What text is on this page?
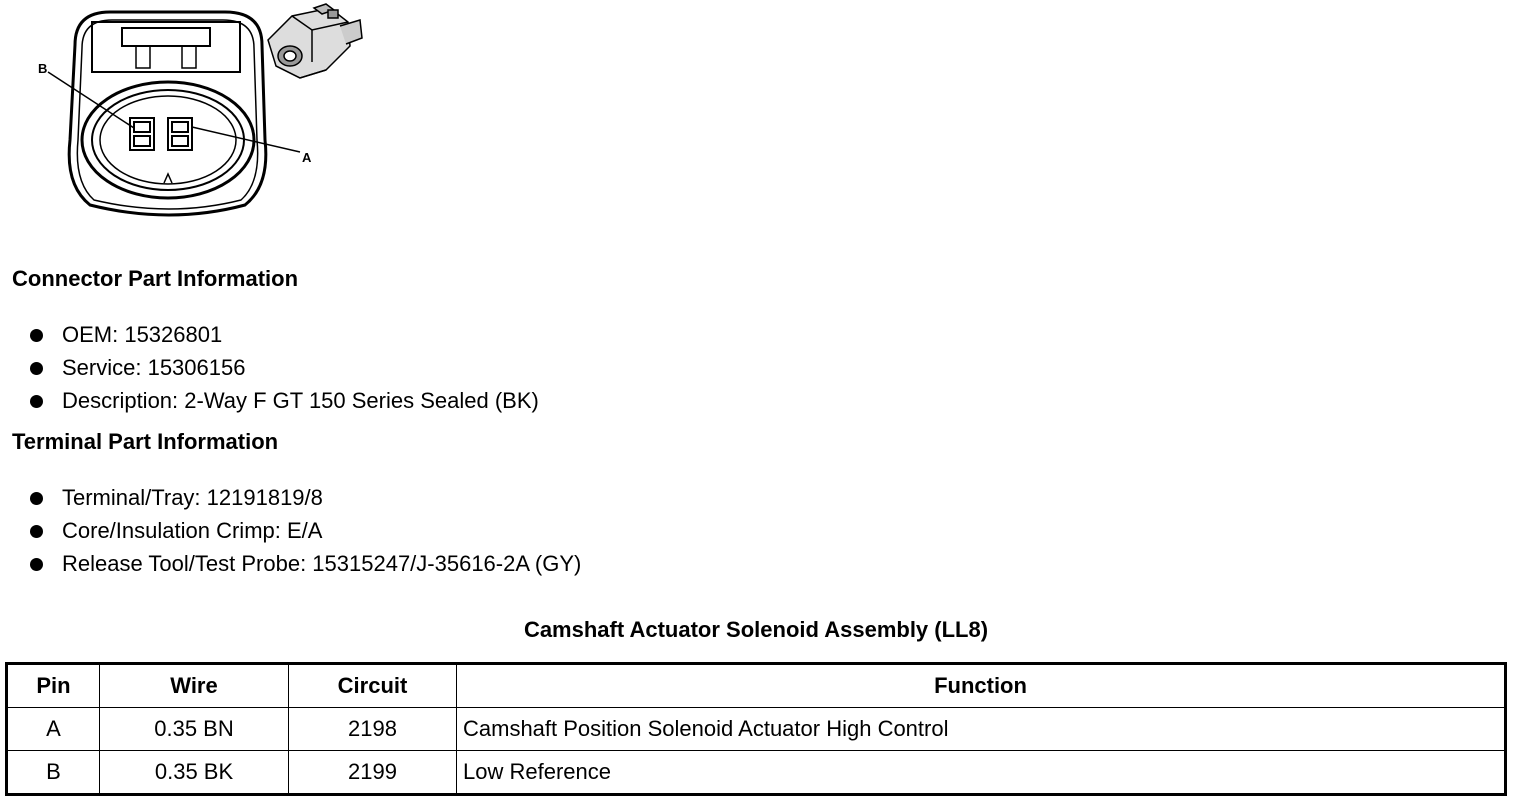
B
A
Connector Part Information
OEM: 15326801
Service: 15306156
Description: 2-Way F GT 150 Series Sealed (BK)
Terminal Part Information
Terminal/Tray: 12191819/8
Core/Insulation Crimp: E/A
Release Tool/Test Probe: 15315247/J-35616-2A (GY)
Camshaft Actuator Solenoid Assembly (LL8)
Pin	Wire	Circuit	Function
A	0.35 BN	2198	Camshaft Position Solenoid Actuator High Control
B	0.35 BK	2199	Low Reference
